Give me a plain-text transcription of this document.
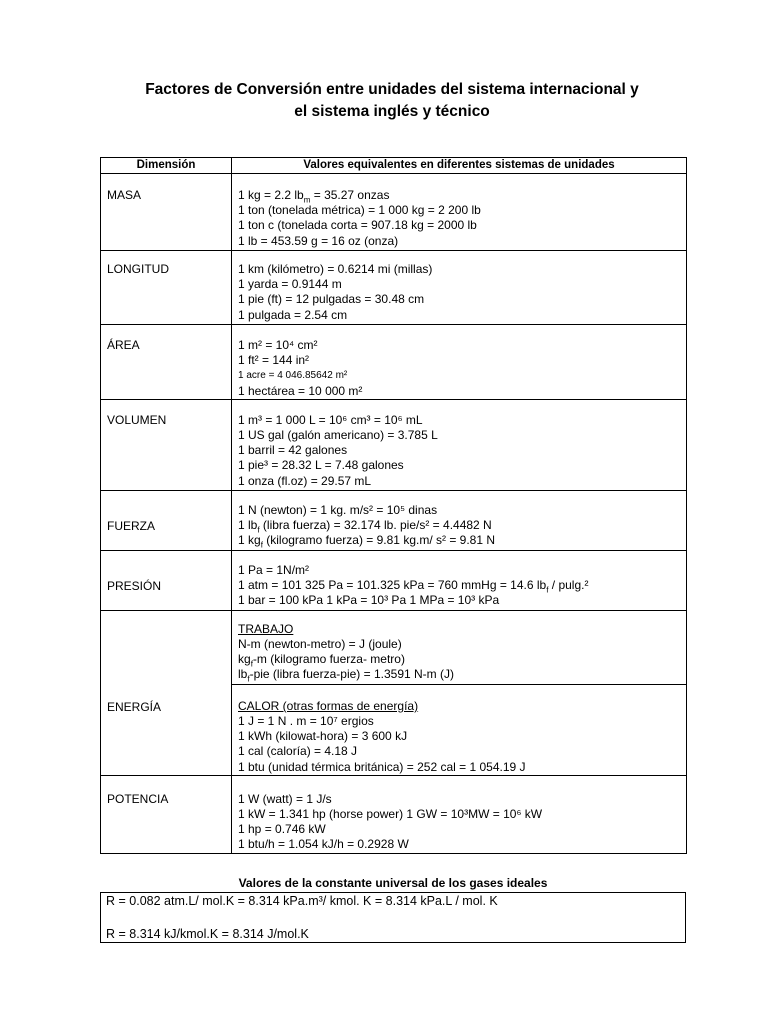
Factores de Conversión entre unidades del sistema internacional y
el sistema inglés y técnico
Dimensión	Valores equivalentes en diferentes sistemas de unidades

MASA	1 kg = 2.2 $lb_m = 35.27$ onzas
1 ton (tonelada métrica) = 1 000 kg = 2 200 lb
1 ton c (tonelada corta = 907.18 kg = 2000 lb
1 lb = 453.59 g = 16 oz (onza)

LONGITUD	1 km (kilómetro) = 0.6214 mi (millas)
1 yarda = 0.9144 m
1 pie (ft) = 12 pulgadas = 30.48 cm
1 pulgada = 2.54 cm

ÁREA	1 m² = 10⁴ cm²
1 ft² = 144 in²
1 acre = 4 046.85642 m²
1 hectárea = 10 000 m²

VOLUMEN	1 m³ = 1 000 L = 10⁶ cm³ = 10⁶ mL
1 US gal (galón americano) = 3.785 L
1 barril = 42 galones
1 pie³ = 28.32 L = 7.48 galones
1 onza (fl.oz) = 29.57 mL

FUERZA	1 N (newton) = 1 kg. m/s² = 10⁵ dinas
1 $lb_f$ (libra fuerza) = 32.174 lb. pie/s² = 4.4482 N
1 $kg_f$ (kilogramo fuerza) = 9.81 kg.m/ s² = 9.81 N

PRESIÓN	1 Pa = 1N/m²
1 atm = 101 325 Pa = 101.325 kPa = 760 mmHg = 14.6 $lb_f / pulg.^2$
1 bar = 100 kPa 1 kPa = 10³ Pa 1 MPa = 10³ kPa

ENERGÍA	TRABAJO
N-m (newton-metro) = J (joule)
$kg_f-m$ (kilogramo fuerza- metro)
$lb_f$-pie (libra fuerza-pie) = 1.3591 N-m (J)

	CALOR (otras formas de energía)
1 J = 1 N . m = 10⁷ ergios
1 kWh (kilowat-hora) = 3 600 kJ
1 cal (caloría) = 4.18 J
1 btu (unidad térmica británica) = 252 cal = 1 054.19 J

POTENCIA	1 W (watt) = 1 J/s
1 kW = 1.341 hp (horse power) 1 GW = 10³MW = 10⁶ kW
1 hp = 0.746 kW
1 btu/h = 1.054 kJ/h = 0.2928 W
Valores de la constante universal de los gases ideales
R = 0.082 atm.L/ mol.K = 8.314 kPa.m³/ kmol. K = 8.314 kPa.L / mol. K
R = 8.314 kJ/kmol.K = 8.314 J/mol.K
